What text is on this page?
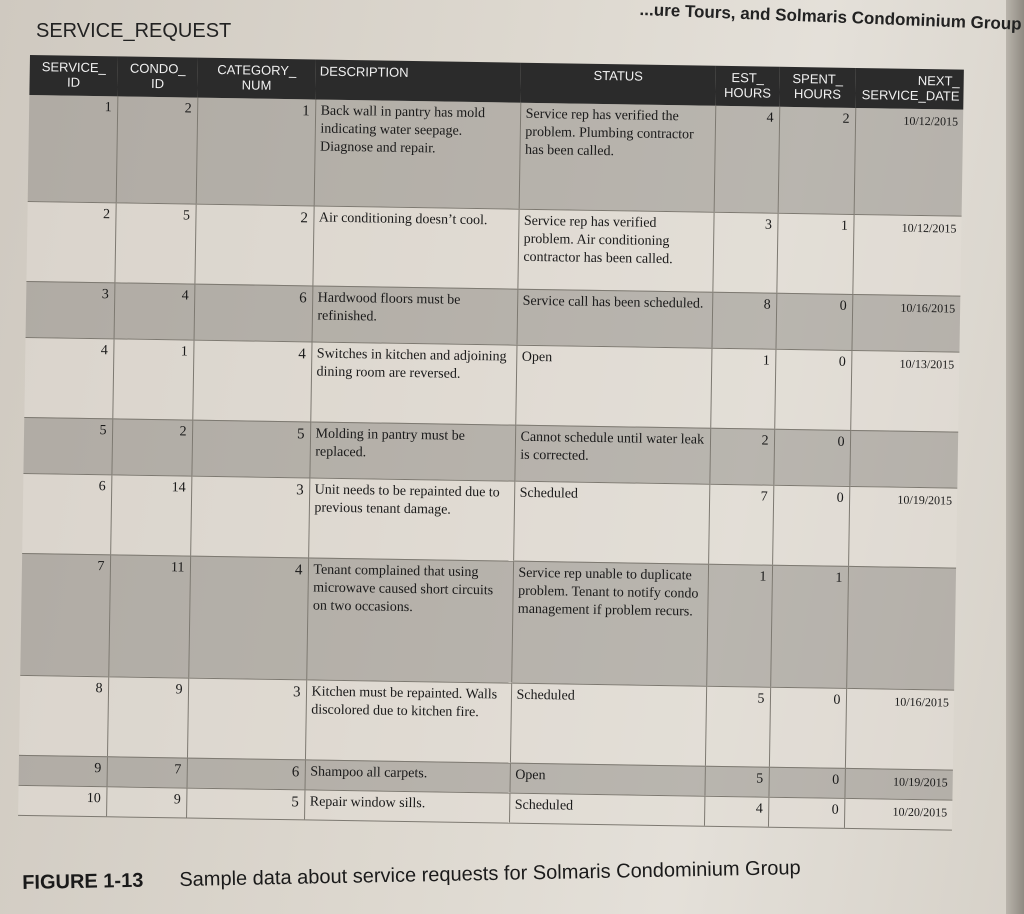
...ure Tours, and Solmaris Condominium Group
SERVICE_REQUEST
SERVICE_ ID	CONDO_ ID	CATEGORY_ NUM	DESCRIPTION	STATUS	EST_ HOURS	SPENT_ HOURS	NEXT_ SERVICE_DATE
1	2	1	Back wall in pantry has mold indicating water seepage. Diagnose and repair.	Service rep has verified the problem. Plumbing contractor has been called.	4	2	10/12/2015
2	5	2	Air conditioning doesn’t cool.	Service rep has verified problem. Air conditioning contractor has been called.	3	1	10/12/2015
3	4	6	Hardwood floors must be refinished.	Service call has been scheduled.	8	0	10/16/2015
4	1	4	Switches in kitchen and adjoining dining room are reversed.	Open	1	0	10/13/2015
5	2	5	Molding in pantry must be replaced.	Cannot schedule until water leak is corrected.	2	0	
6	14	3	Unit needs to be repainted due to previous tenant damage.	Scheduled	7	0	10/19/2015
7	11	4	Tenant complained that using microwave caused short circuits on two occasions.	Service rep unable to duplicate problem. Tenant to notify condo management if problem recurs.	1	1	
8	9	3	Kitchen must be repainted. Walls discolored due to kitchen fire.	Scheduled	5	0	10/16/2015
9	7	6	Shampoo all carpets.	Open	5	0	10/19/2015
10	9	5	Repair window sills.	Scheduled	4	0	10/20/2015
FIGURE 1-13 Sample data about service requests for Solmaris Condominium Group
